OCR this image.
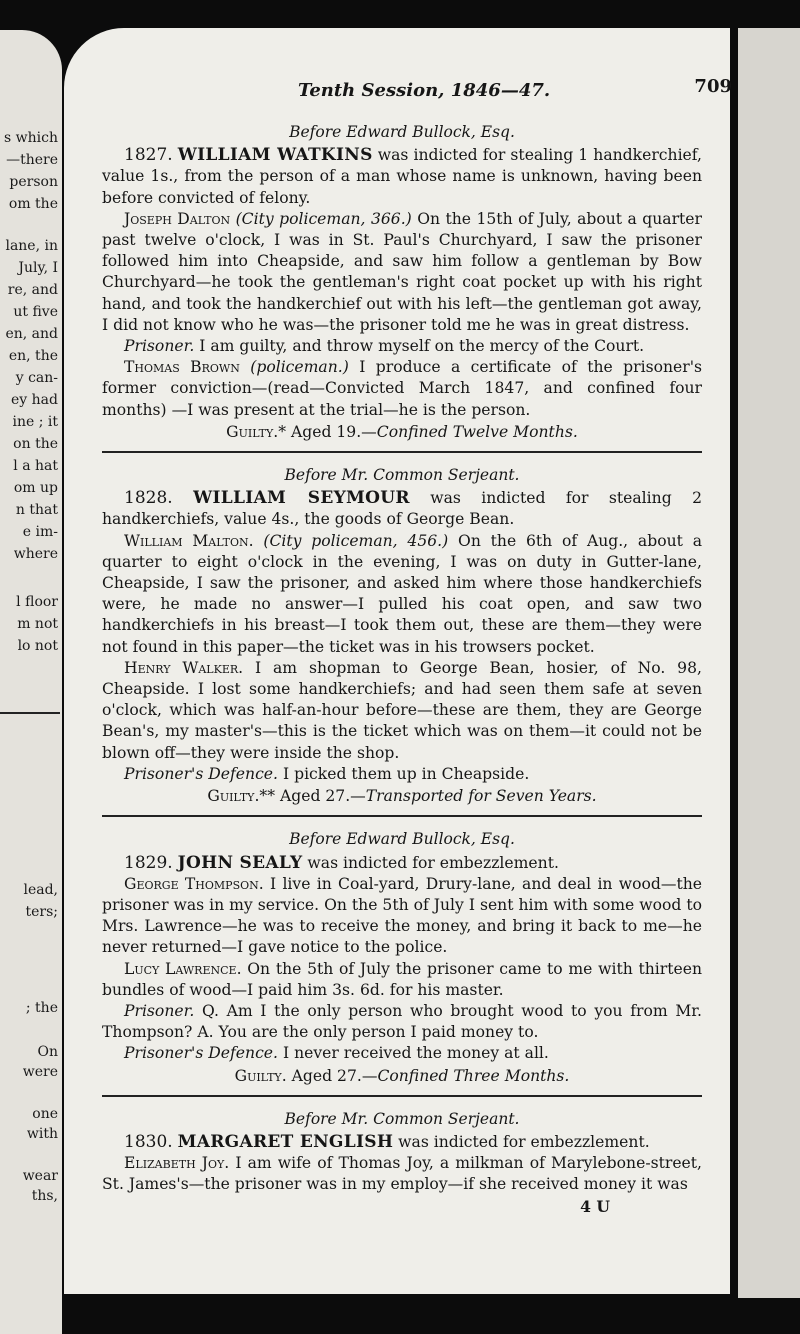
s which
—there
person
om the
lane, in
July, I
re, and
ut five
en, and
en, the
y can-
ey had
ine ; it
on the
l a hat
om up
n that
e im-
where
l floor
m not
lo not
lead,
ters;
; the
On
were
one
with
wear
ths,
Tenth Session, 1846—47.	709
Before Edward Bullock, Esq.

1827. WILLIAM WATKINS was indicted for stealing 1 handkerchief, value 1s., from the person of a man whose name is unknown, having been before convicted of felony.

Joseph Dalton (City policeman, 366.) On the 15th of July, about a quarter past twelve o'clock, I was in St. Paul's Churchyard, I saw the prisoner followed him into Cheapside, and saw him follow a gentleman by Bow Churchyard—he took the gentleman's right coat pocket up with his right hand, and took the handkerchief out with his left—the gentleman got away, I did not know who he was—the prisoner told me he was in great distress.

Prisoner. I am guilty, and throw myself on the mercy of the Court.

Thomas Brown (policeman.) I produce a certificate of the prisoner's former conviction—(read—Convicted March 1847, and confined four months) —I was present at the trial—he is the person.

Guilty.* Aged 19.—Confined Twelve Months.

Before Mr. Common Serjeant.

1828. WILLIAM SEYMOUR was indicted for stealing 2 handkerchiefs, value 4s., the goods of George Bean.

William Malton. (City policeman, 456.) On the 6th of Aug., about a quarter to eight o'clock in the evening, I was on duty in Gutter-lane, Cheapside, I saw the prisoner, and asked him where those handkerchiefs were, he made no answer—I pulled his coat open, and saw two handkerchiefs in his breast—I took them out, these are them—they were not found in this paper—the ticket was in his trowsers pocket.

Henry Walker. I am shopman to George Bean, hosier, of No. 98, Cheapside. I lost some handkerchiefs; and had seen them safe at seven o'clock, which was half-an-hour before—these are them, they are George Bean's, my master's—this is the ticket which was on them—it could not be blown off—they were inside the shop.

Prisoner's Defence. I picked them up in Cheapside.

Guilty.** Aged 27.—Transported for Seven Years.

Before Edward Bullock, Esq.

1829. JOHN SEALY was indicted for embezzlement.

George Thompson. I live in Coal-yard, Drury-lane, and deal in wood—the prisoner was in my service. On the 5th of July I sent him with some wood to Mrs. Lawrence—he was to receive the money, and bring it back to me—he never returned—I gave notice to the police.

Lucy Lawrence. On the 5th of July the prisoner came to me with thirteen bundles of wood—I paid him 3s. 6d. for his master.

Prisoner. Q. Am I the only person who brought wood to you from Mr. Thompson? A. You are the only person I paid money to.

Prisoner's Defence. I never received the money at all.

Guilty. Aged 27.—Confined Three Months.

Before Mr. Common Serjeant.

1830. MARGARET ENGLISH was indicted for embezzlement.

Elizabeth Joy. I am wife of Thomas Joy, a milkman of Marylebone-street, St. James's—the prisoner was in my employ—if she received money it was

4 U
